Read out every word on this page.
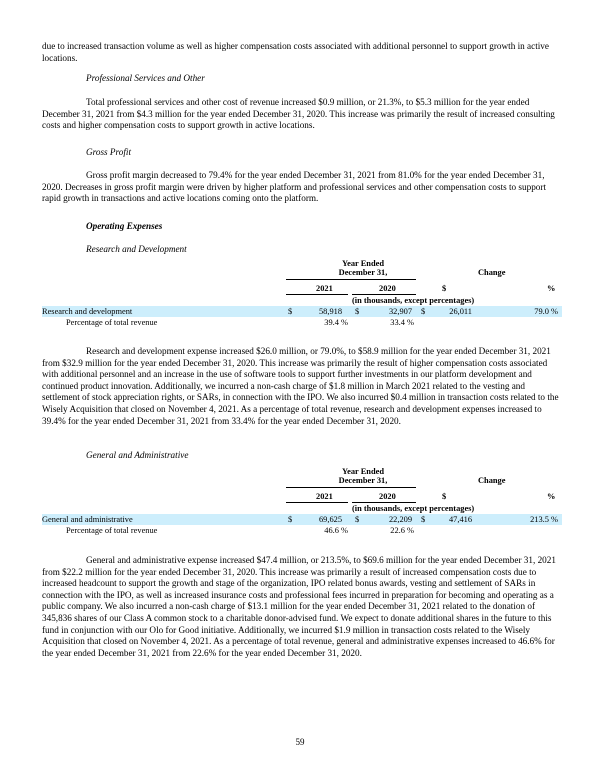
due to increased transaction volume as well as higher compensation costs associated with additional personnel to support growth in active locations.
Professional Services and Other
Total professional services and other cost of revenue increased $0.9 million, or 21.3%, to $5.3 million for the year ended December 31, 2021 from $4.3 million for the year ended December 31, 2020. This increase was primarily the result of increased consulting costs and higher compensation costs to support growth in active locations.
Gross Profit
Gross profit margin decreased to 79.4% for the year ended December 31, 2021 from 81.0% for the year ended December 31, 2020. Decreases in gross profit margin were driven by higher platform and professional services and other compensation costs to support rapid growth in transactions and active locations coming onto the platform.
Operating Expenses
Research and Development
Year Ended
December 31,	Change
2021	2020	$	%
(in thousands, except percentages)
Research and development	$	58,918 $	32,907 $	26,011	79.0 %
Percentage of total revenue	39.4 %	33.4 %
Research and development expense increased $26.0 million, or 79.0%, to $58.9 million for the year ended December 31, 2021 from $32.9 million for the year ended December 31, 2020. This increase was primarily the result of higher compensation costs associated with additional personnel and an increase in the use of software tools to support further investments in our platform development and continued product innovation. Additionally, we incurred a non-cash charge of $1.8 million in March 2021 related to the vesting and settlement of stock appreciation rights, or SARs, in connection with the IPO. We also incurred $0.4 million in transaction costs related to the Wisely Acquisition that closed on November 4, 2021. As a percentage of total revenue, research and development expenses increased to 39.4% for the year ended December 31, 2021 from 33.4% for the year ended December 31, 2020.
General and Administrative
Year Ended
December 31,	Change
2021	2020	$	%
(in thousands, except percentages)
General and administrative	$	69,625 $	22,209 $	47,416	213.5 %
Percentage of total revenue	46.6 %	22.6 %
General and administrative expense increased $47.4 million, or 213.5%, to $69.6 million for the year ended December 31, 2021 from $22.2 million for the year ended December 31, 2020. This increase was primarily a result of increased compensation costs due to increased headcount to support the growth and stage of the organization, IPO related bonus awards, vesting and settlement of SARs in connection with the IPO, as well as increased insurance costs and professional fees incurred in preparation for becoming and operating as a public company. We also incurred a non-cash charge of $13.1 million for the year ended December 31, 2021 related to the donation of 345,836 shares of our Class A common stock to a charitable donor-advised fund. We expect to donate additional shares in the future to this fund in conjunction with our Olo for Good initiative. Additionally, we incurred $1.9 million in transaction costs related to the Wisely Acquisition that closed on November 4, 2021. As a percentage of total revenue, general and administrative expenses increased to 46.6% for the year ended December 31, 2021 from 22.6% for the year ended December 31, 2020.
59
